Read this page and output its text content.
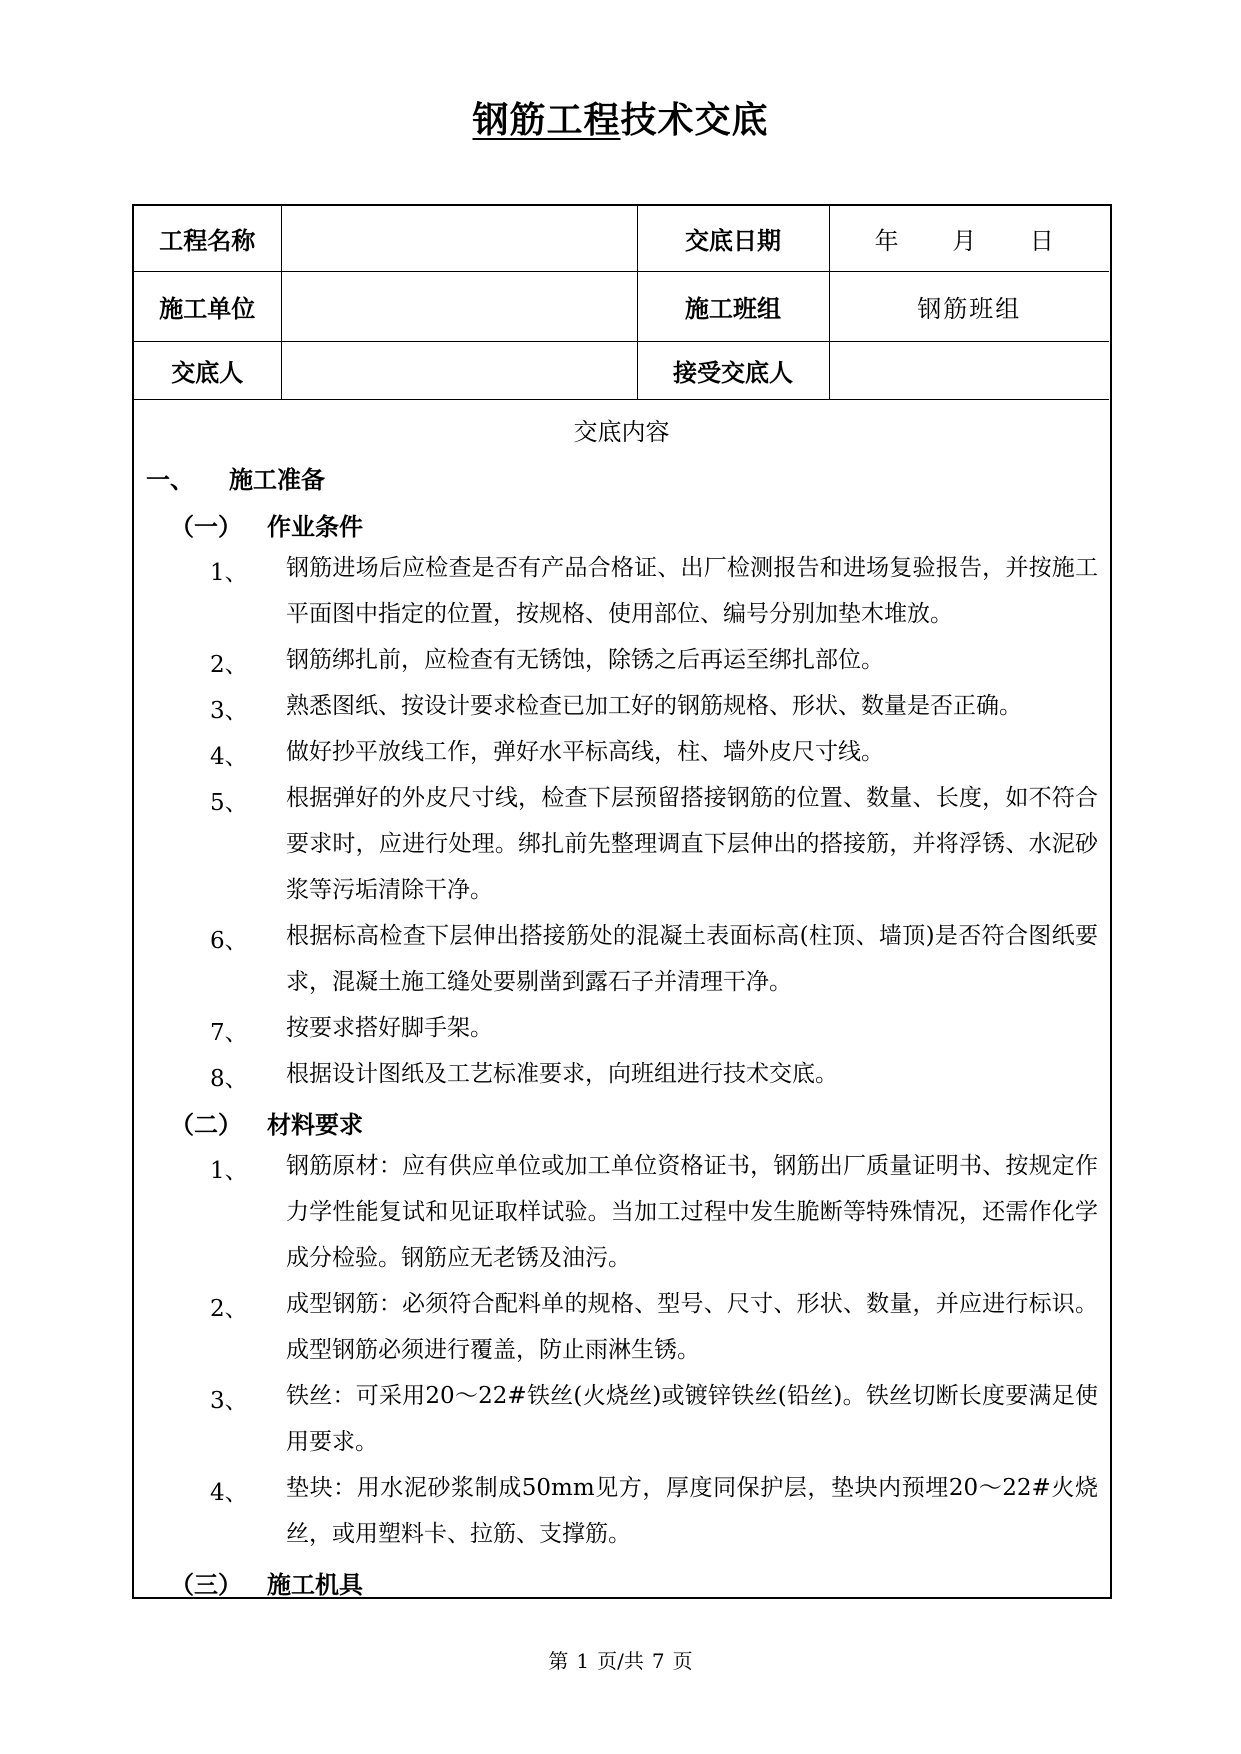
钢筋工程技术交底
工程名称		交底日期	年 月 日
施工单位		施工班组	钢筋班组
交底人		接受交底人	
交底内容
一、 施工准备
（一） 作业条件
1、 钢筋进场后应检查是否有产品合格证、出厂检测报告和进场复验报告，并按施工平面图中指定的位置，按规格、使用部位、编号分别加垫木堆放。
2、 钢筋绑扎前，应检查有无锈蚀，除锈之后再运至绑扎部位。
3、 熟悉图纸、按设计要求检查已加工好的钢筋规格、形状、数量是否正确。
4、 做好抄平放线工作，弹好水平标高线，柱、墙外皮尺寸线。
5、 根据弹好的外皮尺寸线，检查下层预留搭接钢筋的位置、数量、长度，如不符合要求时，应进行处理。绑扎前先整理调直下层伸出的搭接筋，并将浮锈、水泥砂浆等污垢清除干净。
6、 根据标高检查下层伸出搭接筋处的混凝土表面标高(柱顶、墙顶)是否符合图纸要求，混凝土施工缝处要剔凿到露石子并清理干净。
7、 按要求搭好脚手架。
8、 根据设计图纸及工艺标准要求，向班组进行技术交底。
（二） 材料要求
1、 钢筋原材：应有供应单位或加工单位资格证书，钢筋出厂质量证明书、按规定作力学性能复试和见证取样试验。当加工过程中发生脆断等特殊情况，还需作化学成分检验。钢筋应无老锈及油污。
2、 成型钢筋：必须符合配料单的规格、型号、尺寸、形状、数量，并应进行标识。成型钢筋必须进行覆盖，防止雨淋生锈。
3、 铁丝：可采用20～22#铁丝(火烧丝)或镀锌铁丝(铅丝)。铁丝切断长度要满足使用要求。
4、 垫块：用水泥砂浆制成50mm见方，厚度同保护层，垫块内预埋20～22#火烧丝，或用塑料卡、拉筋、支撑筋。
（三） 施工机具
第 1 页/共 7 页
